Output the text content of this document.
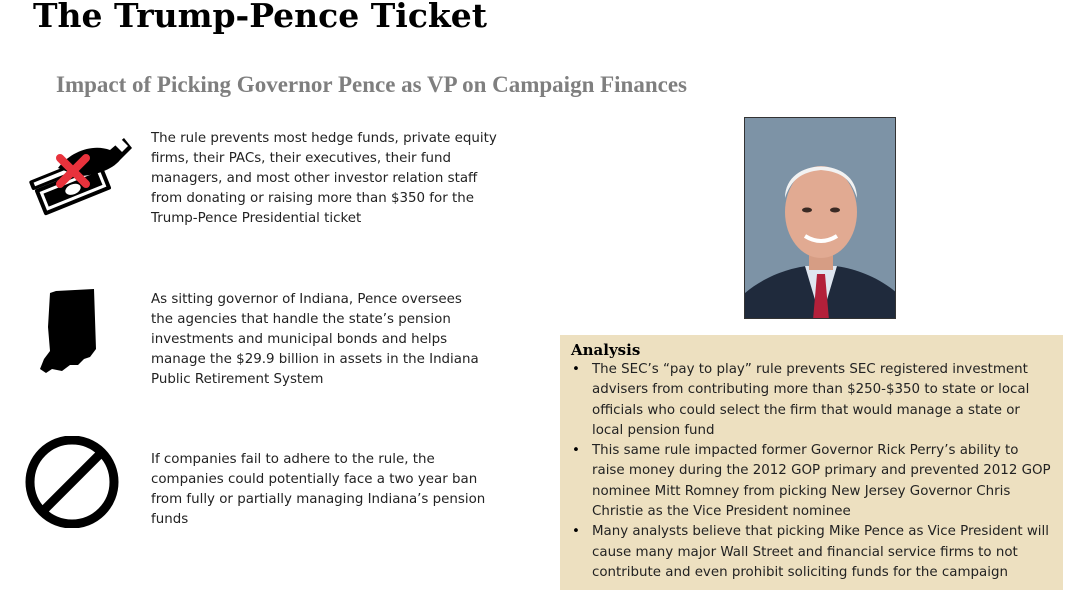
The Trump-Pence Ticket
Impact of Picking Governor Pence as VP on Campaign Finances
The rule prevents most hedge funds, private equity firms, their PACs, their executives, their fund managers, and most other investor relation staff from donating or raising more than $350 for the Trump-Pence Presidential ticket
As sitting governor of Indiana, Pence oversees the agencies that handle the state’s pension investments and municipal bonds and helps manage the $29.9 billion in assets in the Indiana Public Retirement System
If companies fail to adhere to the rule, the companies could potentially face a two year ban from fully or partially managing Indiana’s pension funds
Analysis
• The SEC’s “pay to play” rule prevents SEC registered investment advisers from contributing more than $250-$350 to state or local officials who could select the firm that would manage a state or local pension fund
• This same rule impacted former Governor Rick Perry’s ability to raise money during the 2012 GOP primary and prevented 2012 GOP nominee Mitt Romney from picking New Jersey Governor Chris Christie as the Vice President nominee
• Many analysts believe that picking Mike Pence as Vice President will cause many major Wall Street and financial service firms to not contribute and even prohibit soliciting funds for the campaign
